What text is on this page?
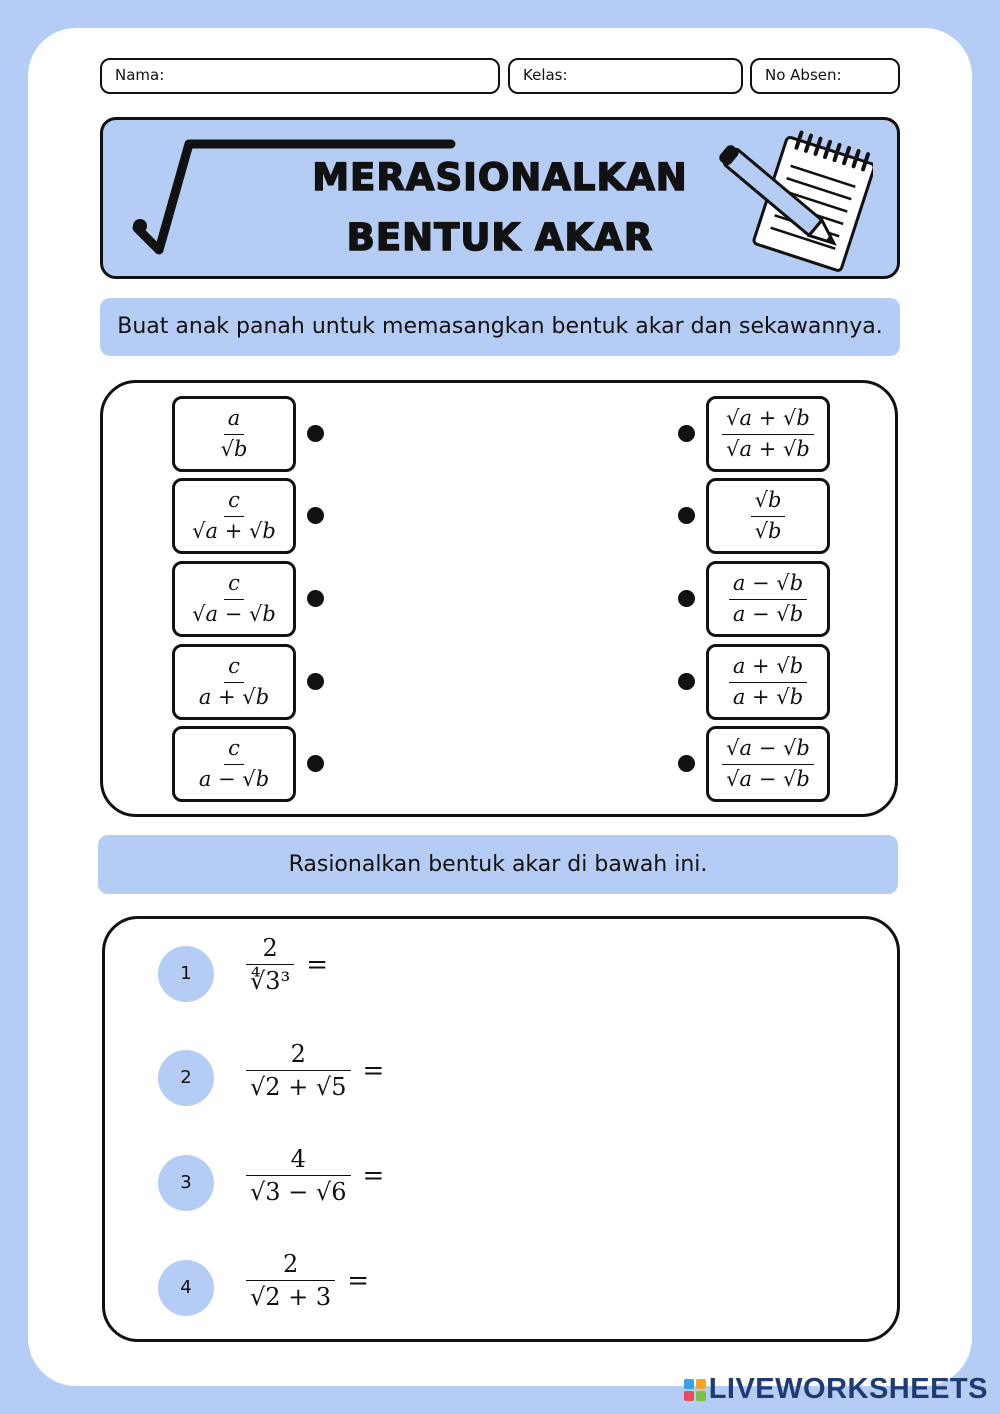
Nama:	Kelas:	No Absen:
MERASIONALKAN
BENTUK AKAR
Buat anak panah untuk memasangkan bentuk akar dan sekawannya.
$\frac{a}{√b}$
$\frac{c}{√a + √b}$
$\frac{c}{√a - √b}$
$\frac{c}{a + √b}$
$\frac{c}{a - √b}$
$\frac{√a + √b}{√a + √b}$
$\frac{√b}{√b}$
$\frac{a - √b}{a - √b}$
$\frac{a + √b}{a + √b}$
$\frac{√a - √b}{√a - √b}$
Rasionalkan bentuk akar di bawah ini.
1	$\frac{2}{\text{∜3³}}$ =
2	$\frac{2}{√2 + √5}$ =
3	$\frac{4}{√3 - √6}$ =
4	$\frac{2}{√2 + 3}$ =
LIVEWORKSHEETS
